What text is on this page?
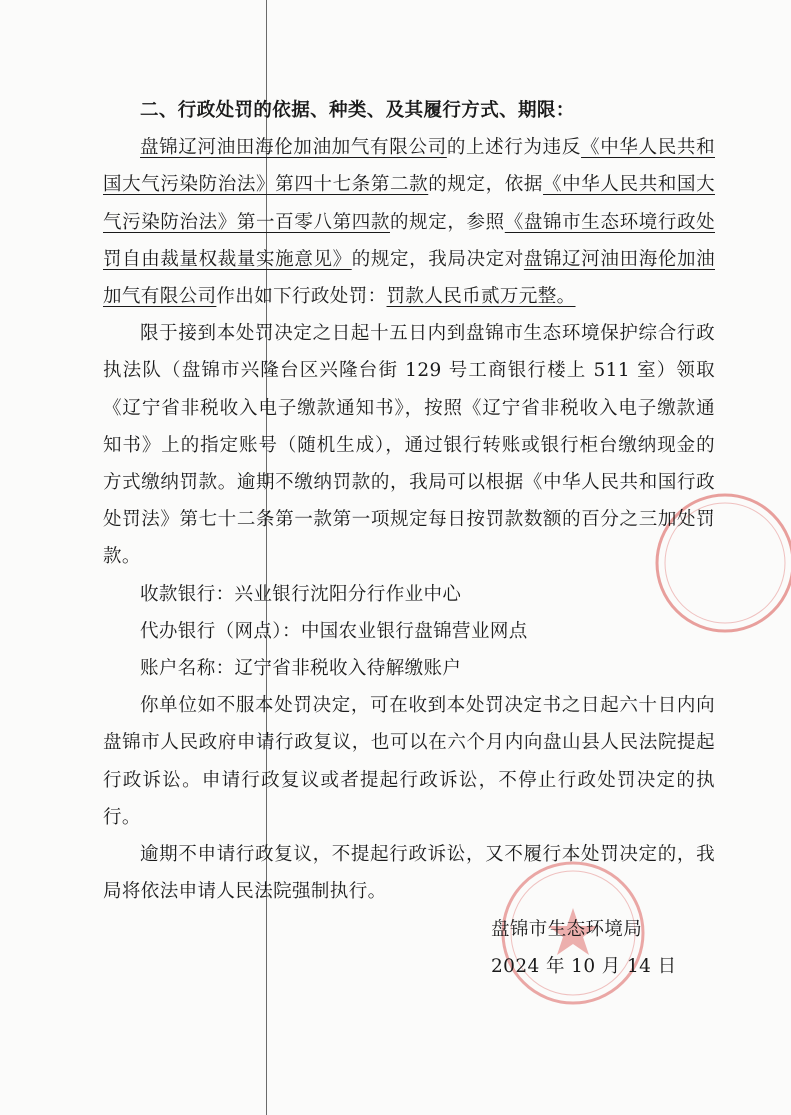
二、行政处罚的依据、种类、及其履行方式、期限：

盘锦辽河油田海伦加油加气有限公司的上述行为违反《中华人民共和国大气污染防治法》第四十七条第二款的规定，依据《中华人民共和国大气污染防治法》第一百零八第四款的规定，参照《盘锦市生态环境行政处罚自由裁量权裁量实施意见》的规定，我局决定对盘锦辽河油田海伦加油加气有限公司作出如下行政处罚：罚款人民币贰万元整。

限于接到本处罚决定之日起十五日内到盘锦市生态环境保护综合行政执法队（盘锦市兴隆台区兴隆台街 129 号工商银行楼上 511 室）领取《辽宁省非税收入电子缴款通知书》，按照《辽宁省非税收入电子缴款通知书》上的指定账号（随机生成），通过银行转账或银行柜台缴纳现金的方式缴纳罚款。逾期不缴纳罚款的，我局可以根据《中华人民共和国行政处罚法》第七十二条第一款第一项规定每日按罚款数额的百分之三加处罚款。

收款银行：兴业银行沈阳分行作业中心

代办银行（网点）：中国农业银行盘锦营业网点

账户名称：辽宁省非税收入待解缴账户

你单位如不服本处罚决定，可在收到本处罚决定书之日起六十日内向盘锦市人民政府申请行政复议，也可以在六个月内向盘山县人民法院提起行政诉讼。申请行政复议或者提起行政诉讼，不停止行政处罚决定的执行。

逾期不申请行政复议，不提起行政诉讼，又不履行本处罚决定的，我局将依法申请人民法院强制执行。

盘锦市生态环境局
2024 年 10 月 14 日
